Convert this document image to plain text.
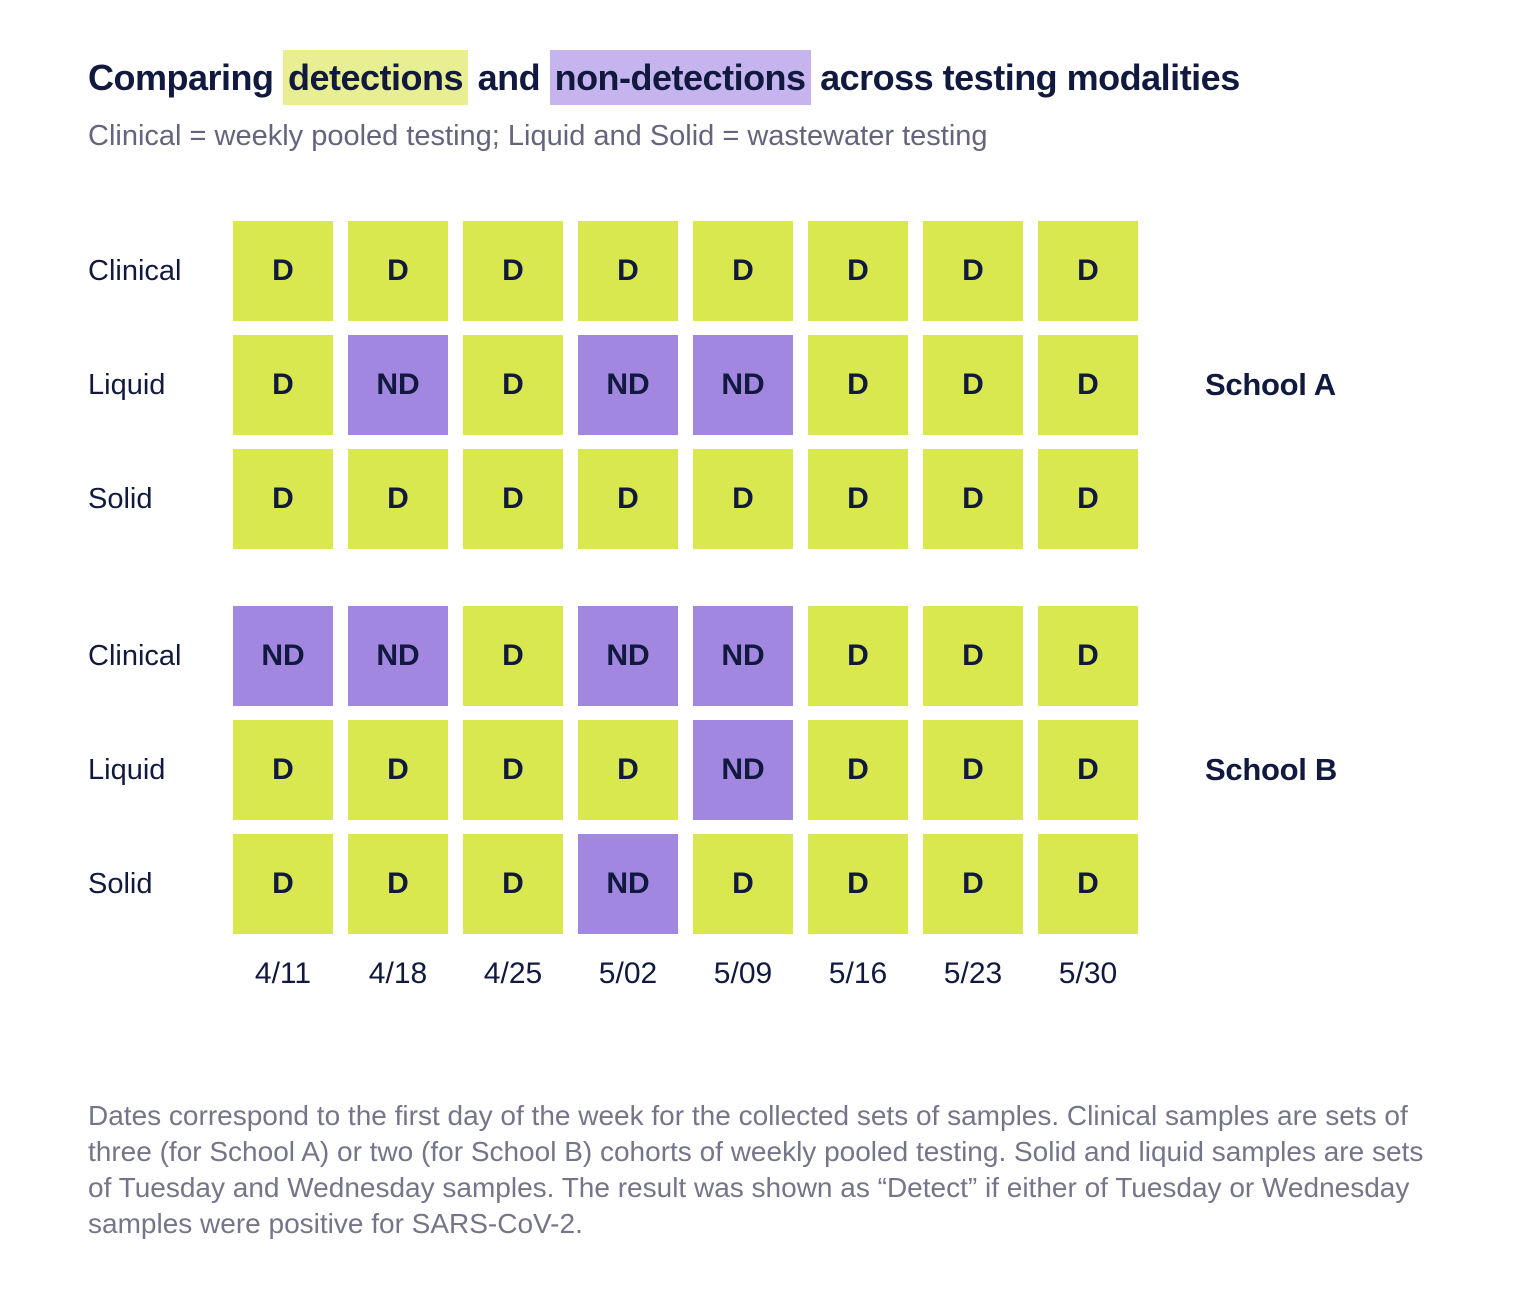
Comparing detections and non-detections across testing modalities

Clinical = weekly pooled testing; Liquid and Solid = wastewater testing

Clinical	D	D	D	D	D	D	D	D
Liquid	D	ND	D	ND	ND	D	D	D	School A
Solid	D	D	D	D	D	D	D	D
Clinical	ND	ND	D	ND	ND	D	D	D
Liquid	D	D	D	D	ND	D	D	D	School B
Solid	D	D	D	ND	D	D	D	D
4/11	4/18	4/25	5/02	5/09	5/16	5/23	5/30

Dates correspond to the first day of the week for the collected sets of samples. Clinical samples are sets of three (for School A) or two (for School B) cohorts of weekly pooled testing. Solid and liquid samples are sets of Tuesday and Wednesday samples. The result was shown as “Detect” if either of Tuesday or Wednesday samples were positive for SARS-CoV-2.
